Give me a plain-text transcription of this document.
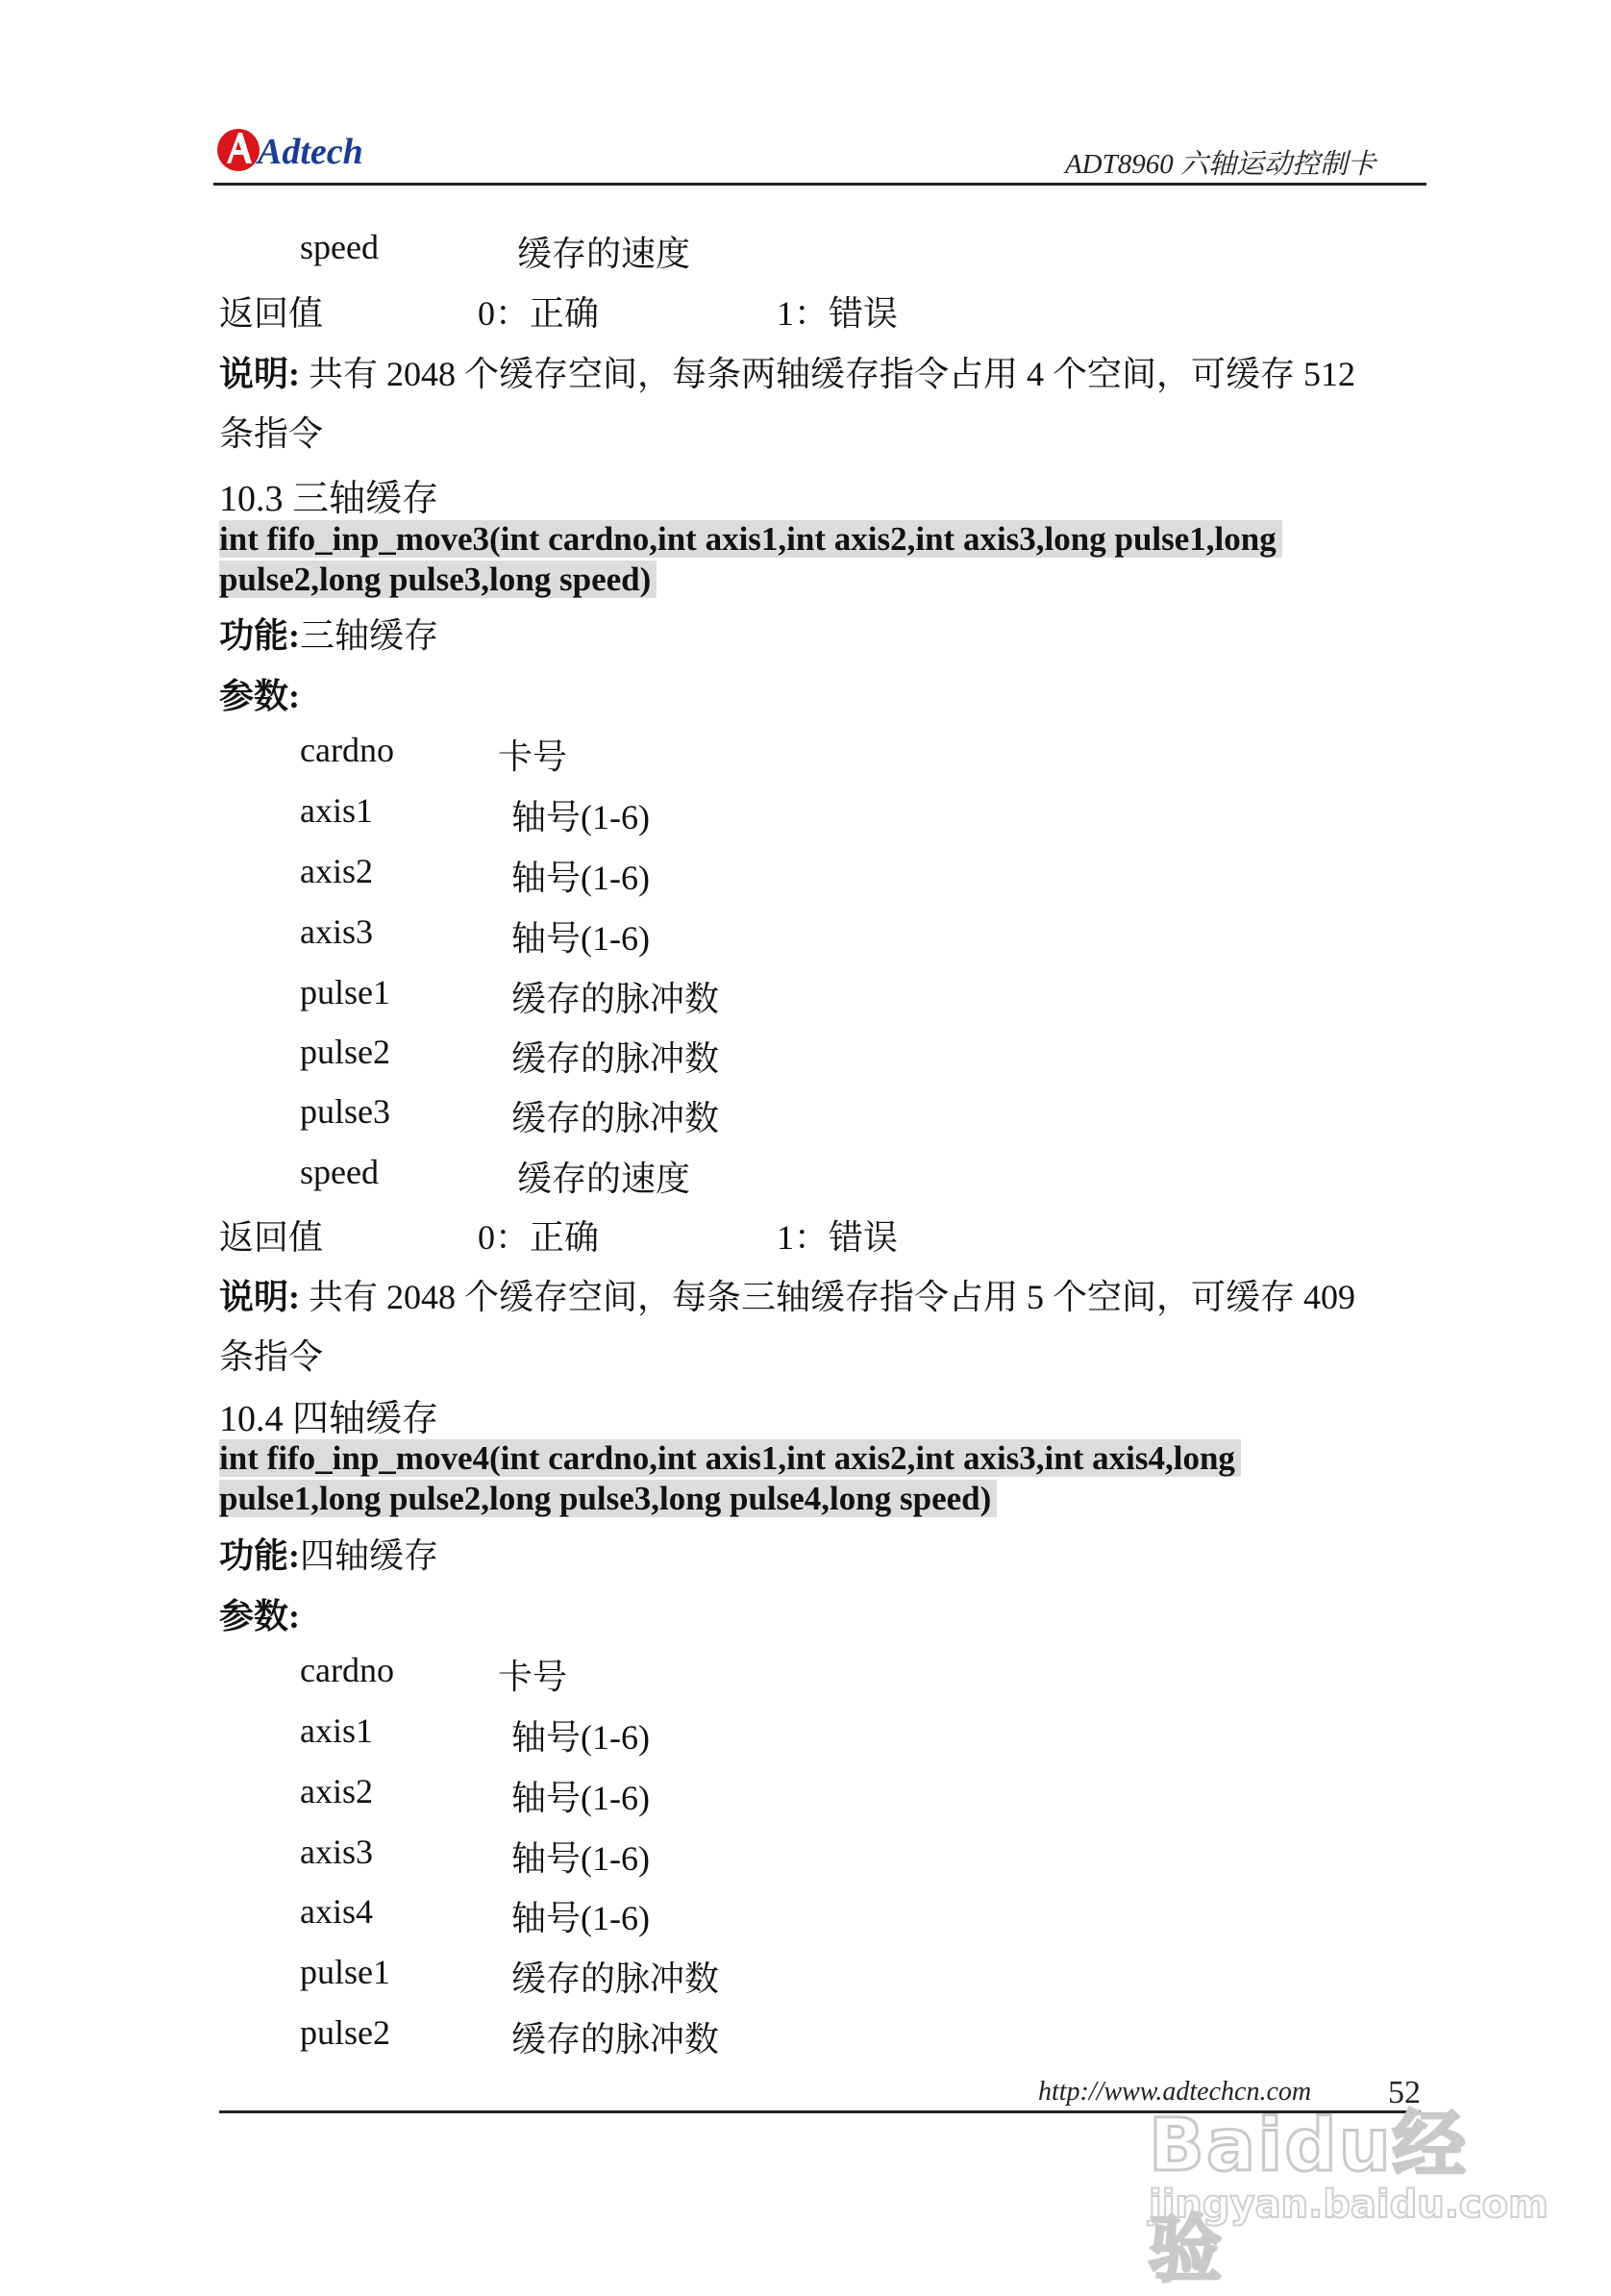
Adtech	ADT8960 六轴运动控制卡
speed	缓存的速度
返回值	0：正确	1：错误
说明: 共有 2048 个缓存空间，每条两轴缓存指令占用 4 个空间，可缓存 512
条指令
10.3 三轴缓存
int fifo_inp_move3(int cardno,int axis1,int axis2,int axis3,long pulse1,long
pulse2,long pulse3,long speed)
功能:三轴缓存
参数:
cardno	卡号
axis1	轴号(1-6)
axis2	轴号(1-6)
axis3	轴号(1-6)
pulse1	缓存的脉冲数
pulse2	缓存的脉冲数
pulse3	缓存的脉冲数
speed	缓存的速度
返回值	0：正确	1：错误
说明: 共有 2048 个缓存空间，每条三轴缓存指令占用 5 个空间，可缓存 409
条指令
10.4 四轴缓存
int fifo_inp_move4(int cardno,int axis1,int axis2,int axis3,int axis4,long
pulse1,long pulse2,long pulse3,long pulse4,long speed)
功能:四轴缓存
参数:
cardno	卡号
axis1	轴号(1-6)
axis2	轴号(1-6)
axis3	轴号(1-6)
axis4	轴号(1-6)
pulse1	缓存的脉冲数
pulse2	缓存的脉冲数
http://www.adtechcn.com 52
Baidu经验
jingyan.baidu.com
